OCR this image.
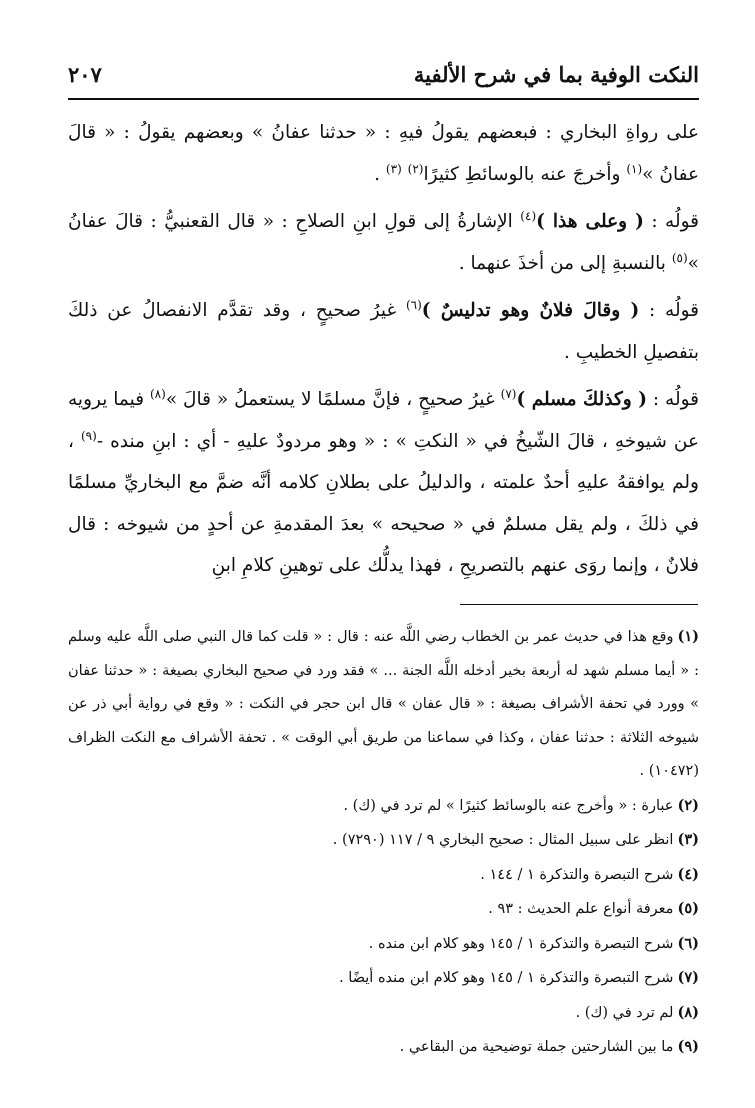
النكت الوفية بما في شرح الألفية
٢٠٧

على رواةِ البخاري : فبعضهم يقولُ فيهِ : « حدثنا عفانُ » وبعضهم يقولُ : « قالَ عفانُ »$^{(١)}$ وأخرجَ عنه بالوسائطِ كثيرًا$^{(٢)}$ $^{(٣)}$ .

قولُه : ( وعلى هذا )$^{(٤)}$ الإشارةُ إلى قولِ ابنِ الصلاحِ : « قال القعنبيُّ : قالَ عفانُ »$^{(٥)}$ بالنسبةِ إلى من أخذَ عنهما .

قولُه : ( وقالَ فلانٌ وهو تدليسٌ )$^{(٦)}$ غيرُ صحيحٍ ، وقد تقدَّم الانفصالُ عن ذلكَ بتفصيلِ الخطيبِ .

قولُه : ( وكذلكَ مسلم )$^{(٧)}$ غيرُ صحيحٍ ، فإنَّ مسلمًا لا يستعملُ « قالَ »$^{(٨)}$ فيما يرويه عن شيوخهِ ، قالَ الشّيخُ في « النكتِ » : « وهو مردودٌ عليهِ - أي : ابنِ منده -$^{(٩)}$ ، ولم يوافقهُ عليهِ أحدٌ علمته ، والدليلُ على بطلانِ كلامه أنَّه ضمَّ مع البخاريِّ مسلمًا في ذلكَ ، ولم يقل مسلمٌ في « صحيحه » بعدَ المقدمةِ عن أحدٍ من شيوخه : قال فلانٌ ، وإنما روَى عنهم بالتصريحِ ، فهذا يدلُّك على توهينِ كلامِ ابنِ

(١)وقع هذا في حديث عمر بن الخطاب رضي اللَّه عنه : قال : « قلت كما قال النبي صلى اللَّه عليه وسلم : « أيما مسلم شهد له أربعة بخير أدخله اللَّه الجنة ... » فقد ورد في صحيح البخاري بصيغة : « حدثنا عفان » وورد في تحفة الأشراف بصيغة : « قال عفان » قال ابن حجر في النكت : « وقع في رواية أبي ذر عن شيوخه الثلاثة : حدثنا عفان ، وكذا في سماعنا من طريق أبي الوقت » . تحفة الأشراف مع النكت الظراف (١٠٤٧٢) .

(٢)عبارة : « وأخرج عنه بالوسائط كثيرًا » لم ترد في (ك) .

(٣)انظر على سبيل المثال : صحيح البخاري ٩ / ١١٧ (٧٢٩٠) .

(٤)شرح التبصرة والتذكرة ١ / ١٤٤ .

(٥)معرفة أنواع علم الحديث : ٩٣ .

(٦)شرح التبصرة والتذكرة ١ / ١٤٥ وهو كلام ابن منده .

(٧)شرح التبصرة والتذكرة ١ / ١٤٥ وهو كلام ابن منده أيضًا .

(٨)لم ترد في (ك) .

(٩)ما بين الشارحتين جملة توضيحية من البقاعي .
